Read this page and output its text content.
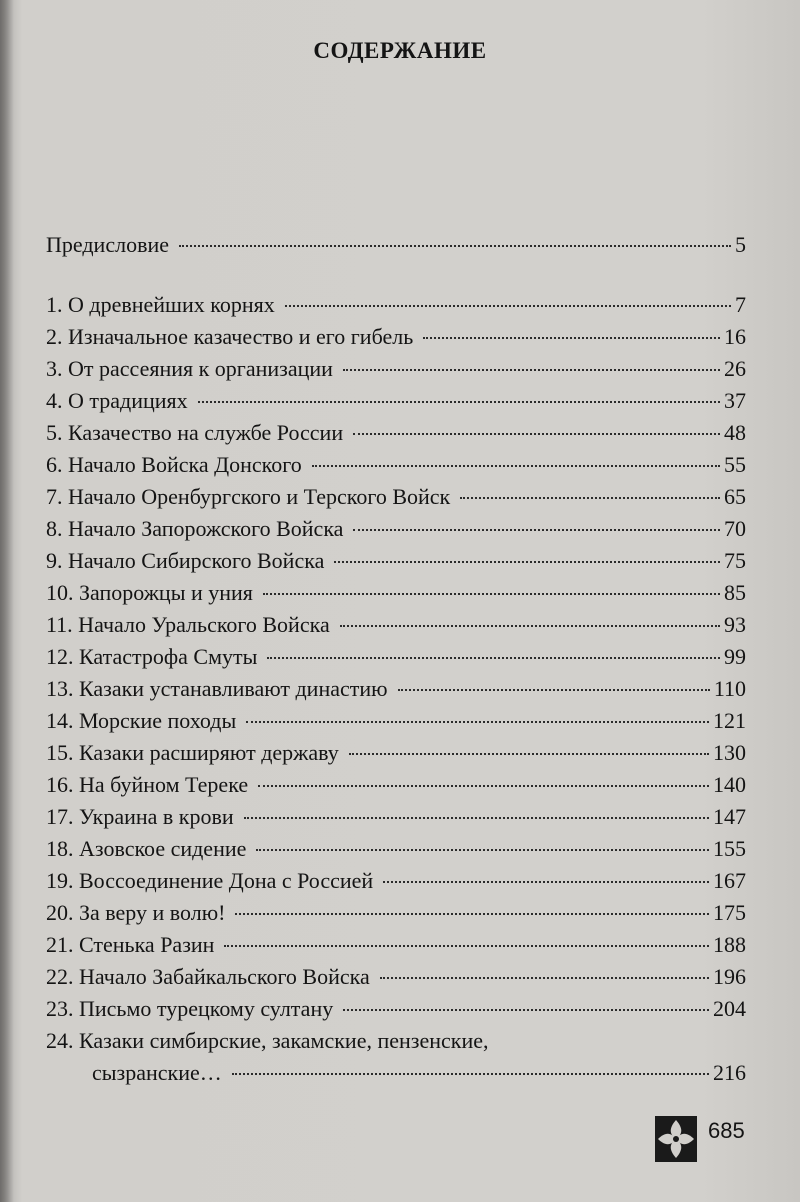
СОДЕРЖАНИЕ
Предисловие	5
1. О древнейших корнях	7
2. Изначальное казачество и его гибель	16
3. От рассеяния к организации	26
4. О традициях	37
5. Казачество на службе России	48
6. Начало Войска Донского	55
7. Начало Оренбургского и Терского Войск	65
8. Начало Запорожского Войска	70
9. Начало Сибирского Войска	75
10. Запорожцы и уния	85
11. Начало Уральского Войска	93
12. Катастрофа Смуты	99
13. Казаки устанавливают династию	110
14. Морские походы	121
15. Казаки расширяют державу	130
16. На буйном Тереке	140
17. Украина в крови	147
18. Азовское сидение	155
19. Воссоединение Дона с Россией	167
20. За веру и волю!	175
21. Стенька Разин	188
22. Начало Забайкальского Войска	196
23. Письмо турецкому султану	204
24. Казаки симбирские, закамские, пензенские,
сызранские…	216
685
